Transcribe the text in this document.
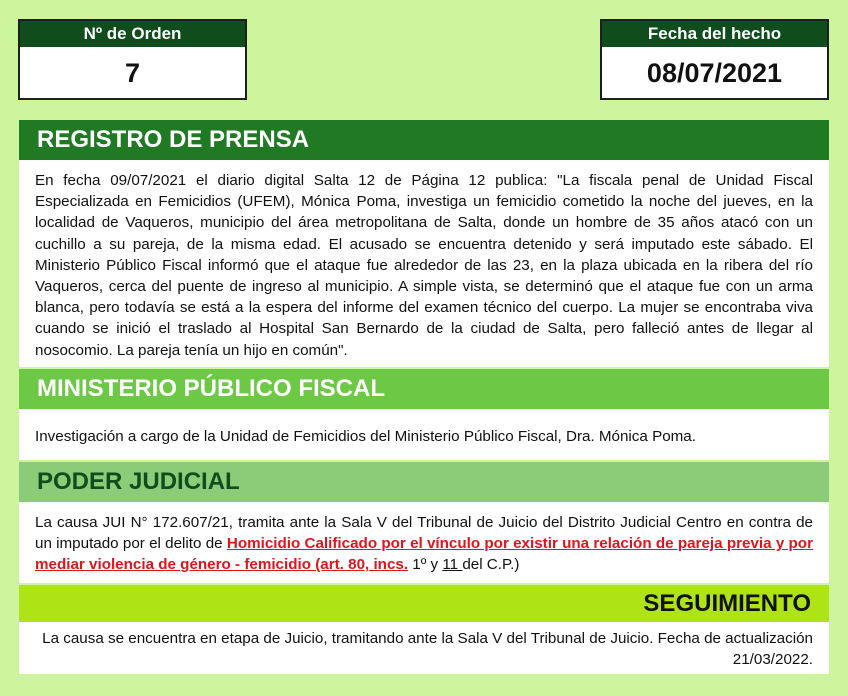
Nº de Orden
7
Fecha del hecho
08/07/2021
REGISTRO DE PRENSA
En fecha 09/07/2021 el diario digital Salta 12 de Página 12 publica: "La fiscala penal de Unidad Fiscal Especializada en Femicidios (UFEM), Mónica Poma, investiga un femicidio cometido la noche del jueves, en la localidad de Vaqueros, municipio del área metropolitana de Salta, donde un hombre de 35 años atacó con un cuchillo a su pareja, de la misma edad. El acusado se encuentra detenido y será imputado este sábado. El Ministerio Público Fiscal informó que el ataque fue alrededor de las 23, en la plaza ubicada en la ribera del río Vaqueros, cerca del puente de ingreso al municipio. A simple vista, se determinó que el ataque fue con un arma blanca, pero todavía se está a la espera del informe del examen técnico del cuerpo. La mujer se encontraba viva cuando se inició el traslado al Hospital San Bernardo de la ciudad de Salta, pero falleció antes de llegar al nosocomio. La pareja tenía un hijo en común".
MINISTERIO PÚBLICO FISCAL
Investigación a cargo de la Unidad de Femicidios del Ministerio Público Fiscal, Dra. Mónica Poma.
PODER JUDICIAL
La causa JUI N° 172.607/21, tramita ante la Sala V del Tribunal de Juicio del Distrito Judicial Centro en contra de un imputado por el delito de Homicidio Calificado por el vínculo por existir una relación de pareja previa y por mediar violencia de género - femicidio (art. 80, incs. 1º y 11 del C.P.)
SEGUIMIENTO
La causa se encuentra en etapa de Juicio, tramitando ante la Sala V del Tribunal de Juicio. Fecha de actualización 21/03/2022.
